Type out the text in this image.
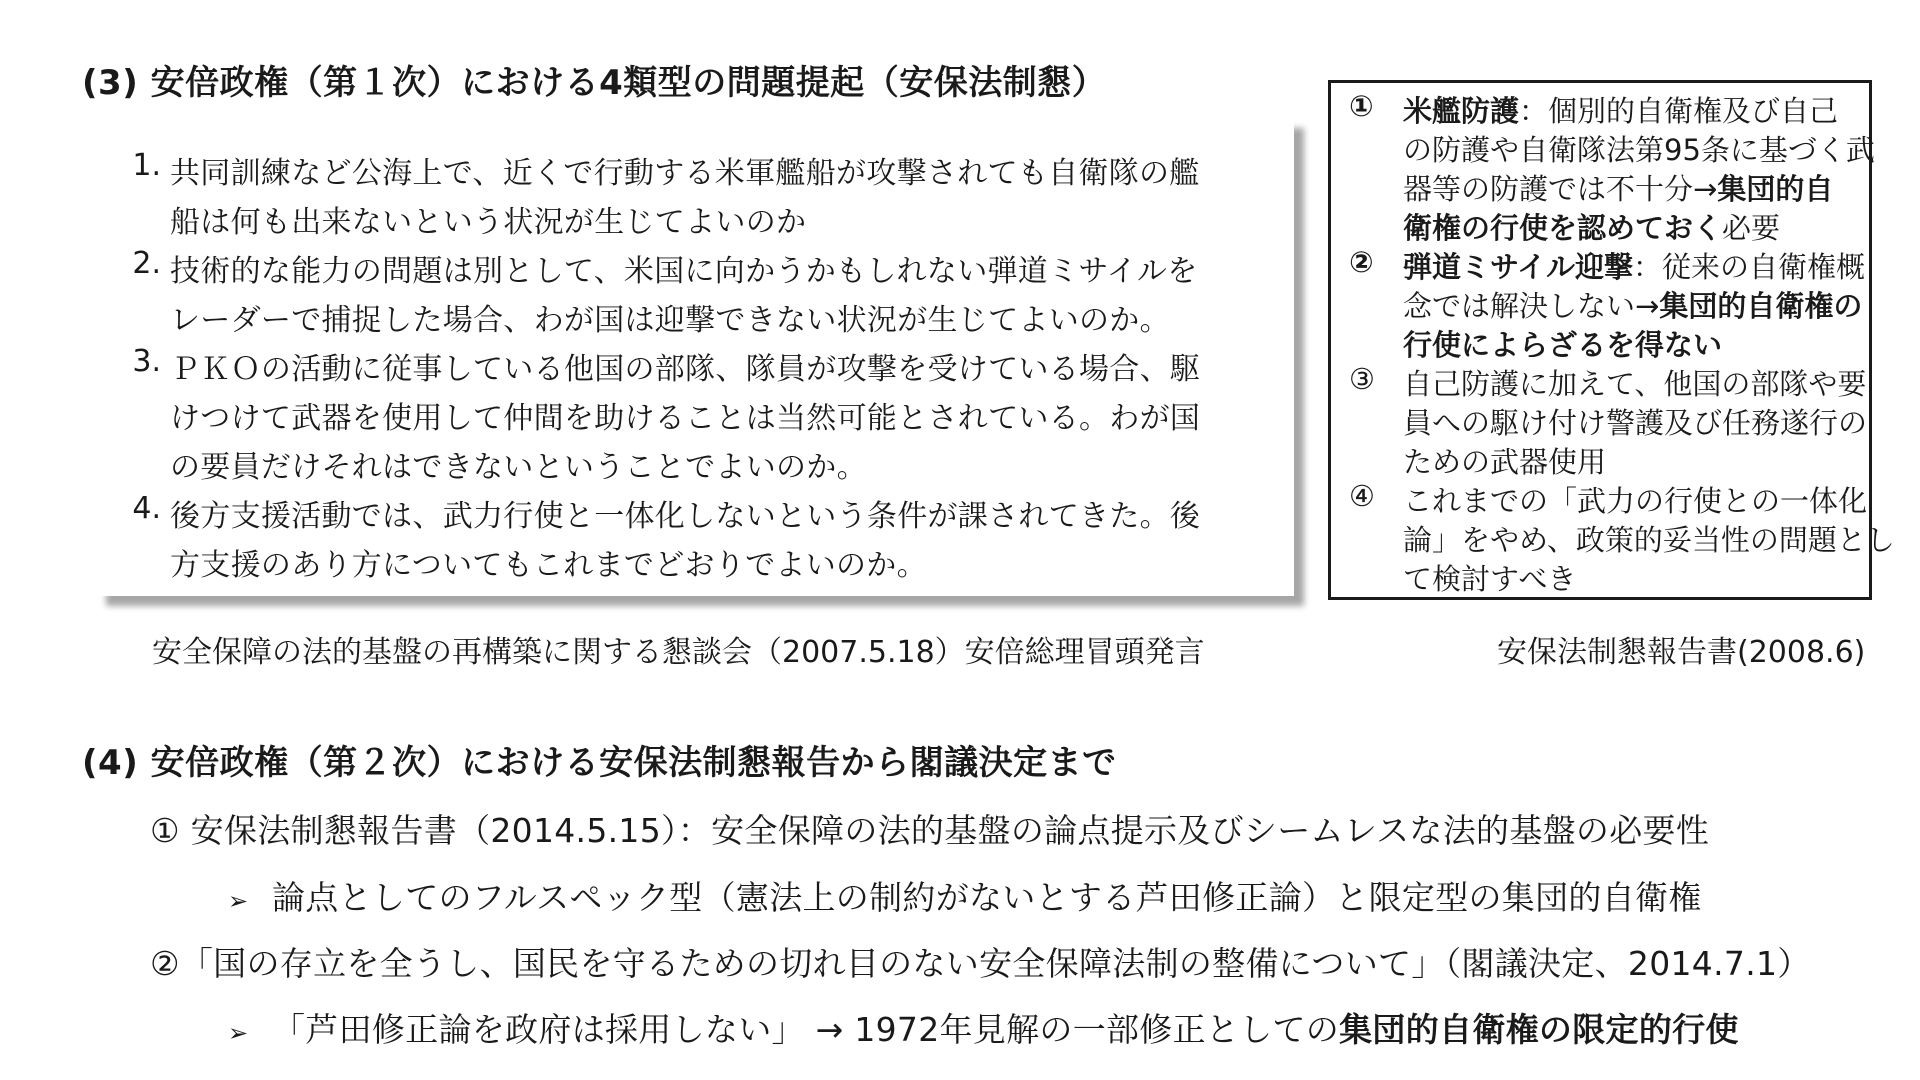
(3) 安倍政権（第１次）における4類型の問題提起（安保法制懇）
1. 共同訓練など公海上で、近くで行動する米軍艦船が攻撃されても自衛隊の艦
船は何も出来ないという状況が生じてよいのか
2. 技術的な能力の問題は別として、米国に向かうかもしれない弾道ミサイルを
レーダーで捕捉した場合、わが国は迎撃できない状況が生じてよいのか。
3. ＰＫＯの活動に従事している他国の部隊、隊員が攻撃を受けている場合、駆
けつけて武器を使用して仲間を助けることは当然可能とされている。わが国
の要員だけそれはできないということでよいのか。
4. 後方支援活動では、武力行使と一体化しないという条件が課されてきた。後
方支援のあり方についてもこれまでどおりでよいのか。
① 米艦防護：個別的自衛権及び自己
の防護や自衛隊法第95条に基づく武
器等の防護では不十分→集団的自
衛権の行使を認めておく必要
② 弾道ミサイル迎撃：従来の自衛権概
念では解決しない→集団的自衛権の
行使によらざるを得ない
③ 自己防護に加えて、他国の部隊や要
員への駆け付け警護及び任務遂行の
ための武器使用
④ これまでの「武力の行使との一体化
論」をやめ、政策的妥当性の問題とし
て検討すべき
安全保障の法的基盤の再構築に関する懇談会（2007.5.18）安倍総理冒頭発言	安保法制懇報告書(2008.6)
(4) 安倍政権（第２次）における安保法制懇報告から閣議決定まで
① 安保法制懇報告書（2014.5.15）：安全保障の法的基盤の論点提示及びシームレスな法的基盤の必要性
➢ 論点としてのフルスペック型（憲法上の制約がないとする芦田修正論）と限定型の集団的自衛権
②「国の存立を全うし、国民を守るための切れ目のない安全保障法制の整備について」（閣議決定、2014.7.1）
➢ 「芦田修正論を政府は採用しない」 → 1972年見解の一部修正としての集団的自衛権の限定的行使
